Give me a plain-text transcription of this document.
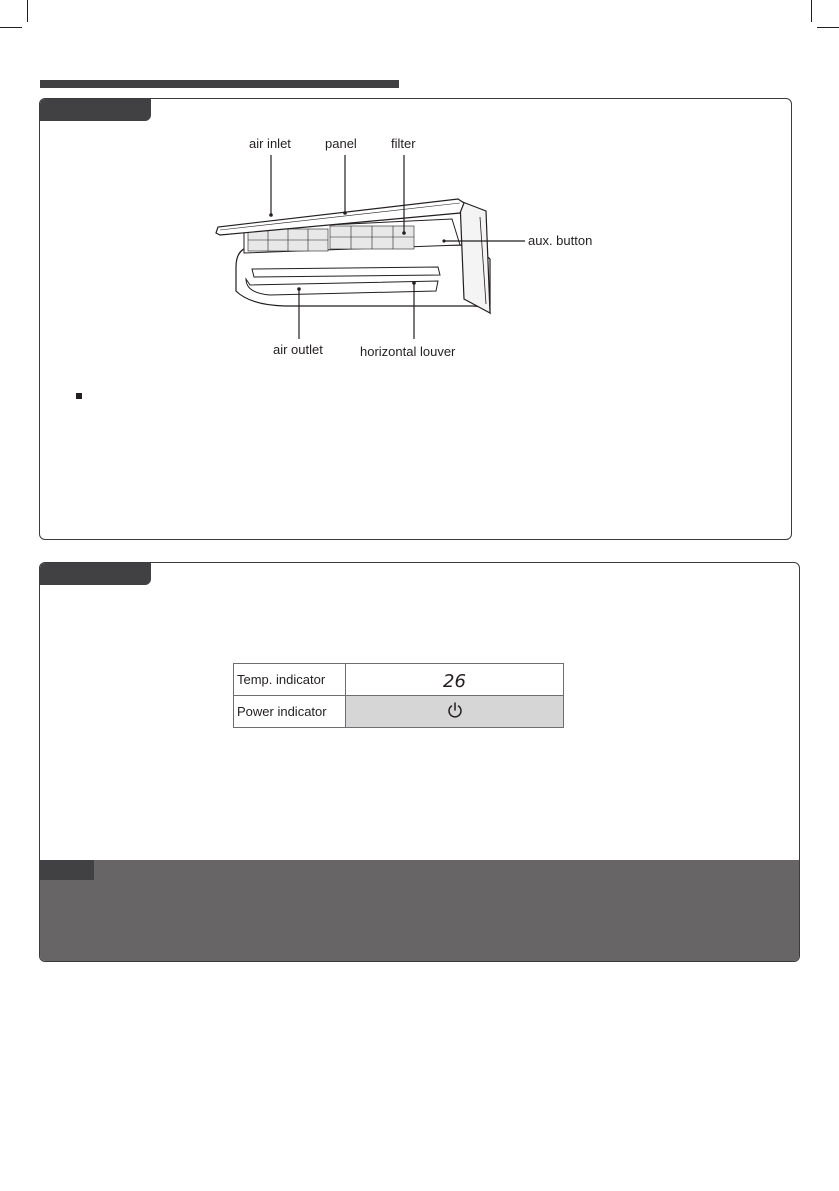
air inlet	panel	filter
aux. button
air outlet	horizontal louver
Temp. indicator	26

Power indicator	
